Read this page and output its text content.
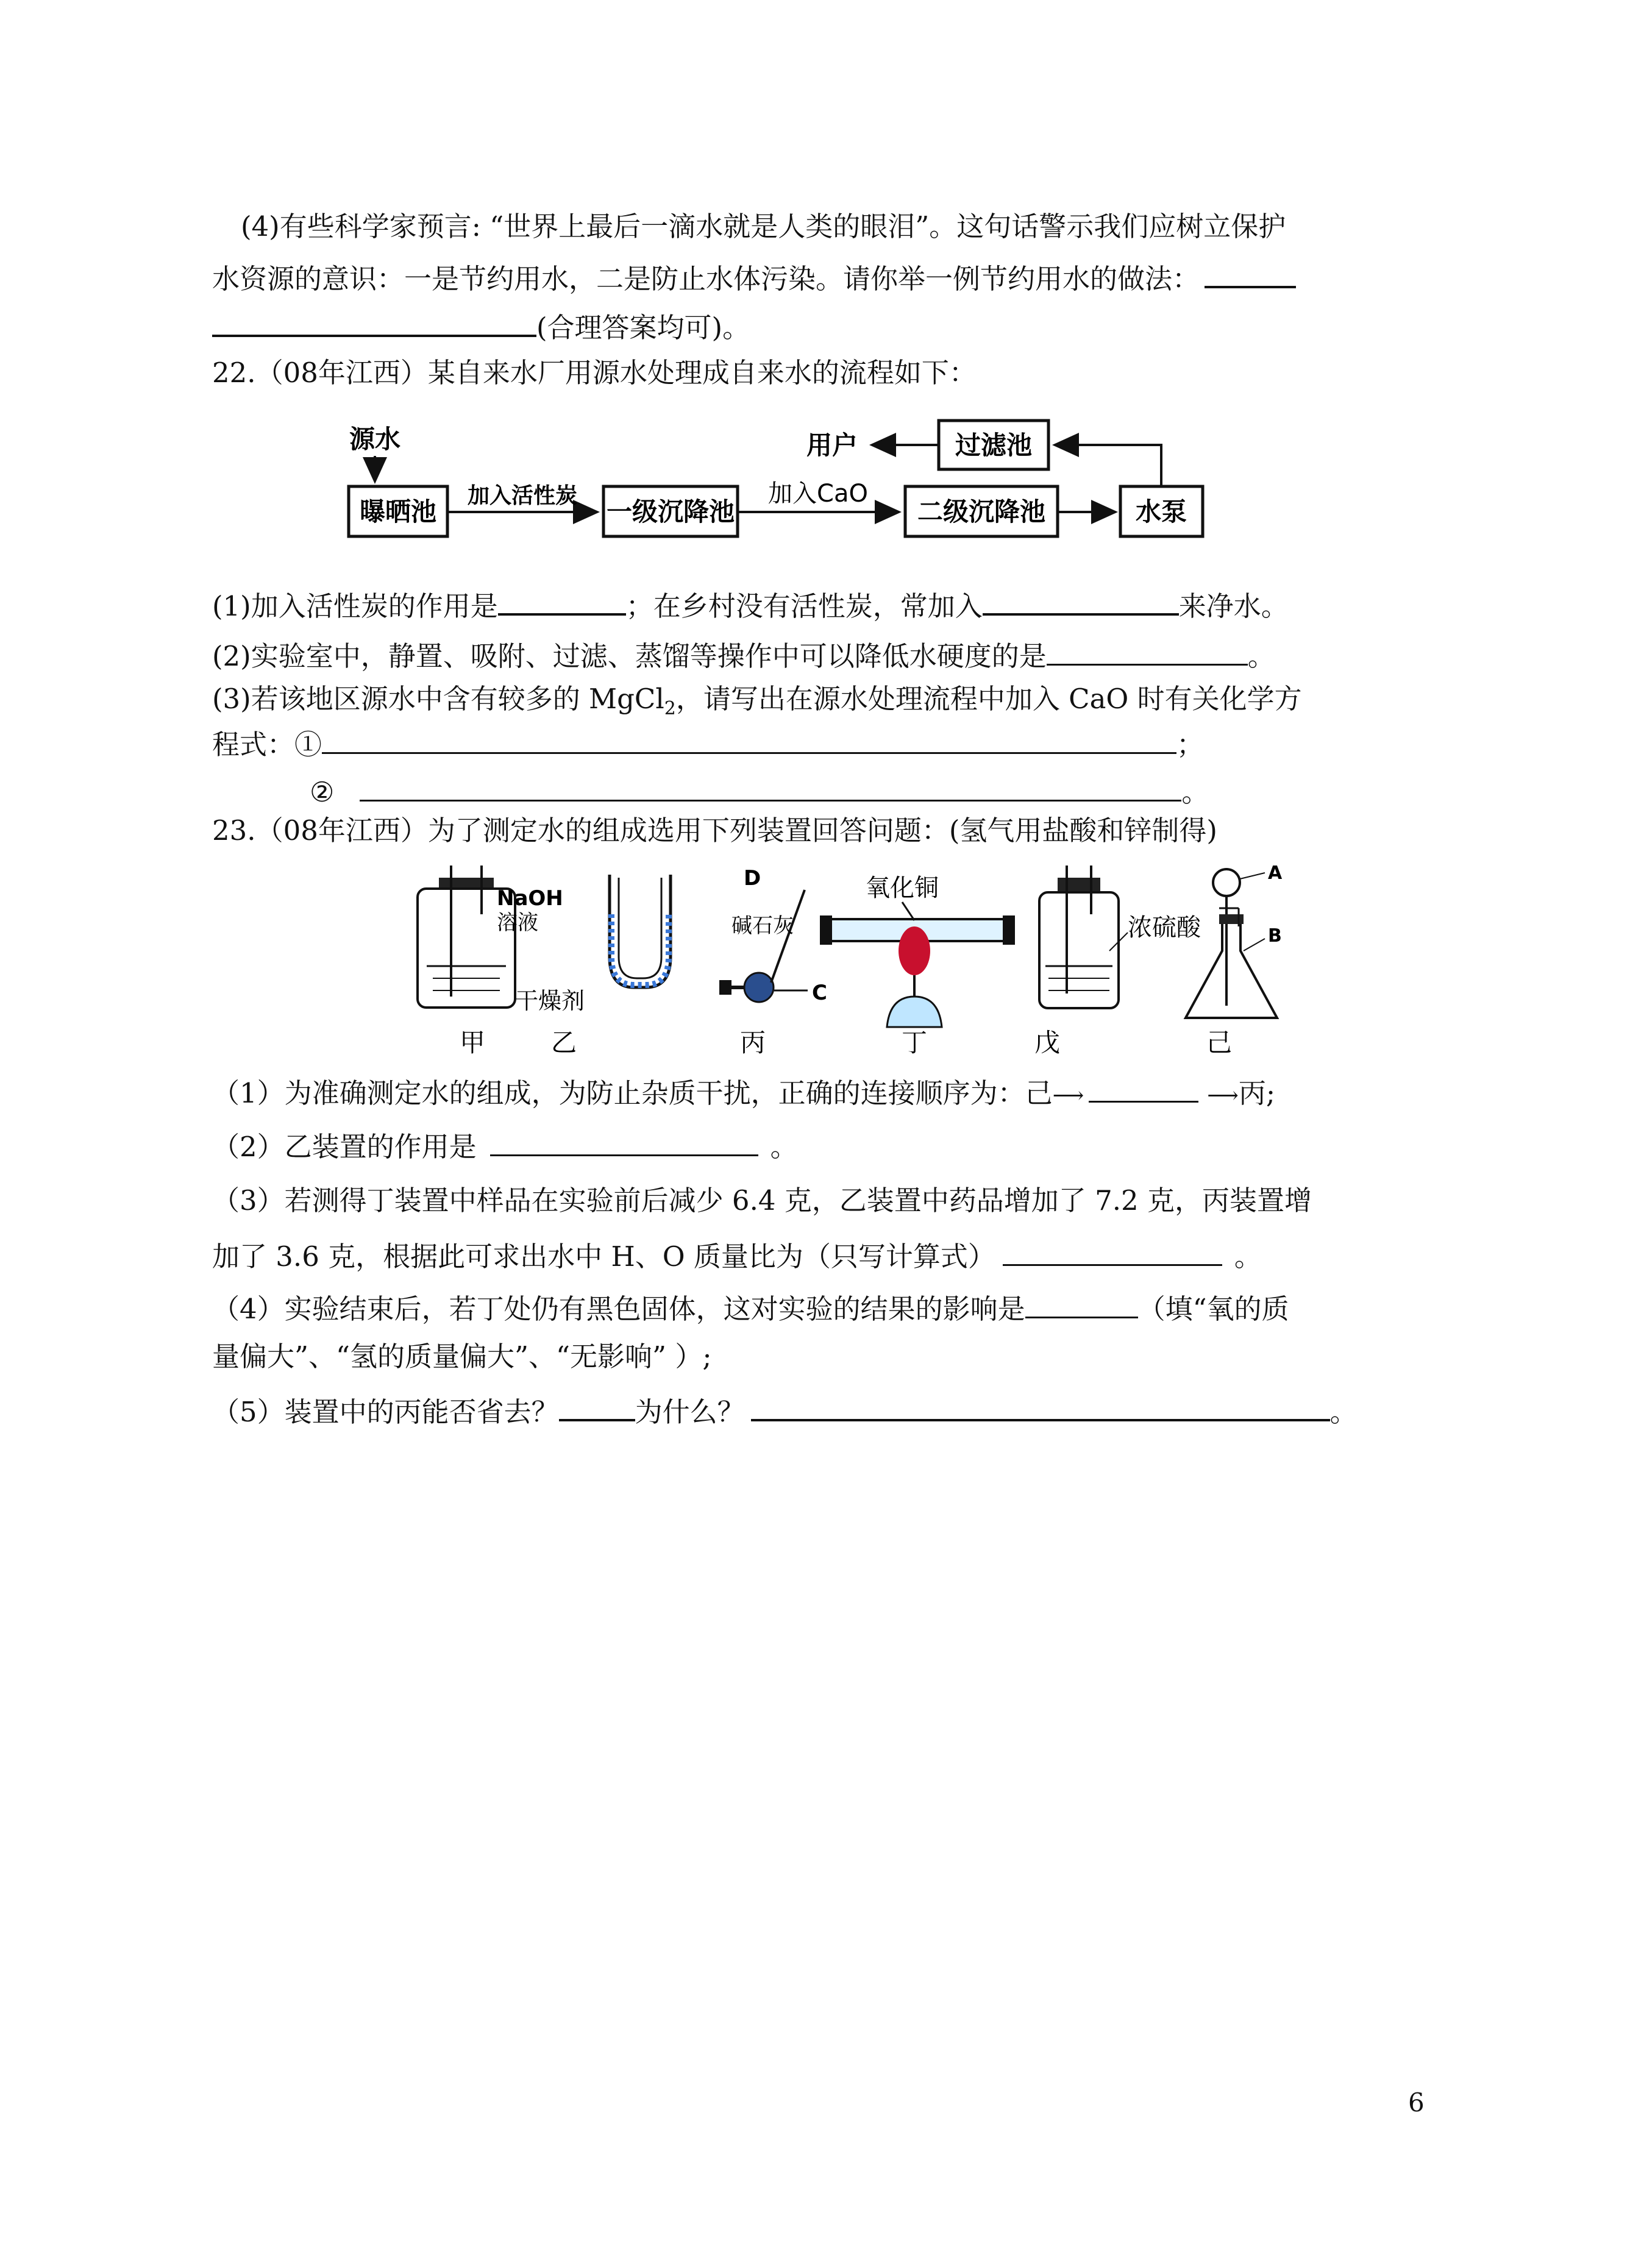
(4)有些科学家预言: “世界上最后一滴水就是人类的眼泪”。这句话警示我们应树立保护
水资源的意识：一是节约用水，二是防止水体污染。请你举一例节约用水的做法：
(合理答案均可)。
22.（08年江西）某自来水厂用源水处理成自来水的流程如下：
源水
曝晒池
加入活性炭
一级沉降池
加入CaO
二级沉降池	水泵
过滤池
用户
(1)加入活性炭的作用是	；在乡村没有活性炭，常加入	来净水。
(2)实验室中，静置、吸附、过滤、蒸馏等操作中可以降低水硬度的是	。
(3)若该地区源水中含有较多的 MgCl$_2$，请写出在源水处理流程中加入 CaO 时有关化学方
程式：①	；
②	。
23.（08年江西）为了测定水的组成选用下列装置回答问题：(氢气用盐酸和锌制得)
NaOH
溶液
干燥剂
D
碱石灰
C
氧化铜
浓硫酸
A
B
甲	乙	丙	丁	戊	己
（1）为准确测定水的组成，为防止杂质干扰，正确的连接顺序为：己⟶	⟶丙;
（2）乙装置的作用是	。
（3）若测得丁装置中样品在实验前后减少 6.4 克，乙装置中药品增加了 7.2 克，丙装置增
加了 3.6 克，根据此可求出水中 H、O 质量比为（只写计算式）	。
（4）实验结束后，若丁处仍有黑色固体，这对实验的结果的影响是	（填“氧的质
量偏大”、“氢的质量偏大”、“无影响” ）;
（5）装置中的丙能否省去？	为什么？	。
6
